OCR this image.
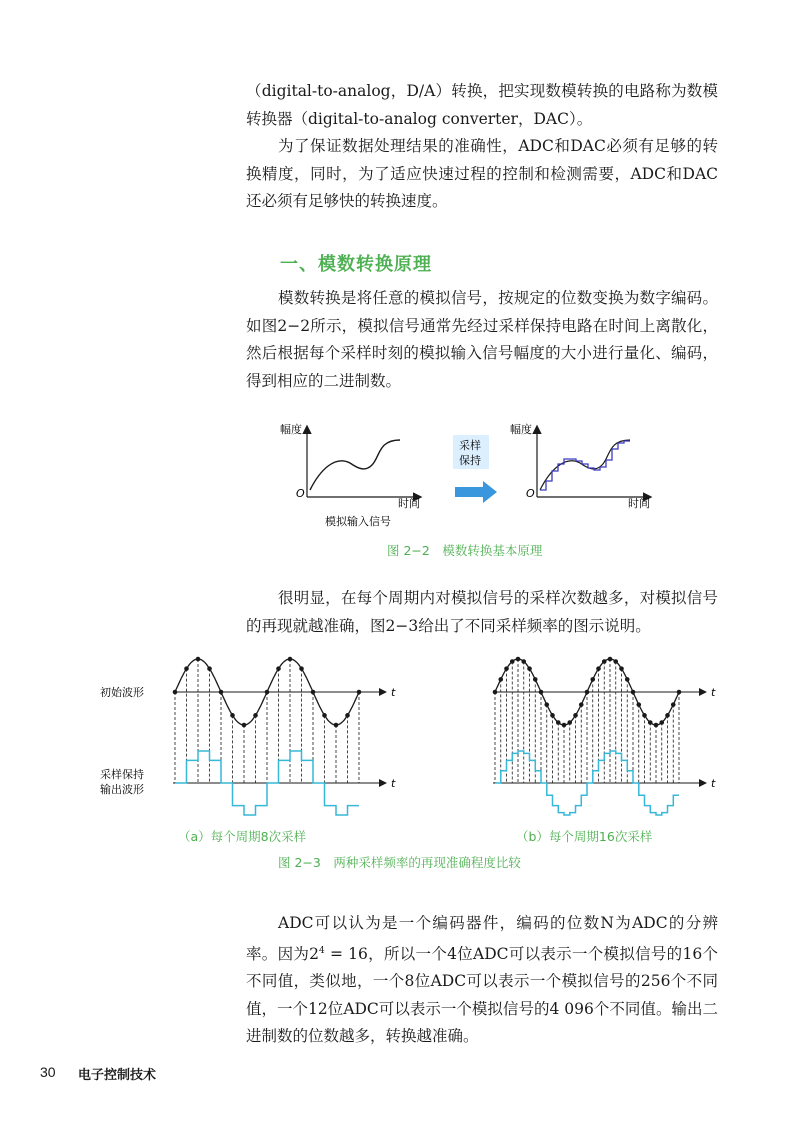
（digital-to-analog，D/A）转换，把实现数模转换的电路称为数模转换器（digital-to-analog converter，DAC）。

为了保证数据处理结果的准确性，ADC和DAC必须有足够的转换精度，同时，为了适应快速过程的控制和检测需要，ADC和DAC还必须有足够快的转换速度。

一、模数转换原理

模数转换是将任意的模拟信号，按规定的位数变换为数字编码。如图2−2所示，模拟信号通常先经过采样保持电路在时间上离散化，然后根据每个采样时刻的模拟输入信号幅度的大小进行量化、编码，得到相应的二进制数。

幅度
O
时间
模拟输入信号
采样
保持
幅度
O
时间

图 2−2　模数转换基本原理

很明显，在每个周期内对模拟信号的采样次数越多，对模拟信号的再现就越准确，图2−3给出了不同采样频率的图示说明。

初始波形
采样保持
输出波形
t
t
t
t

（a）每个周期8次采样	（b）每个周期16次采样

图 2−3　两种采样频率的再现准确程度比较

ADC可以认为是一个编码器件，编码的位数N为ADC的分辨率。因为$2^4 = 16$，所以一个4位ADC可以表示一个模拟信号的16个不同值，类似地，一个8位ADC可以表示一个模拟信号的256个不同值，一个12位ADC可以表示一个模拟信号的4 096个不同值。输出二进制数的位数越多，转换越准确。

30 电子控制技术
